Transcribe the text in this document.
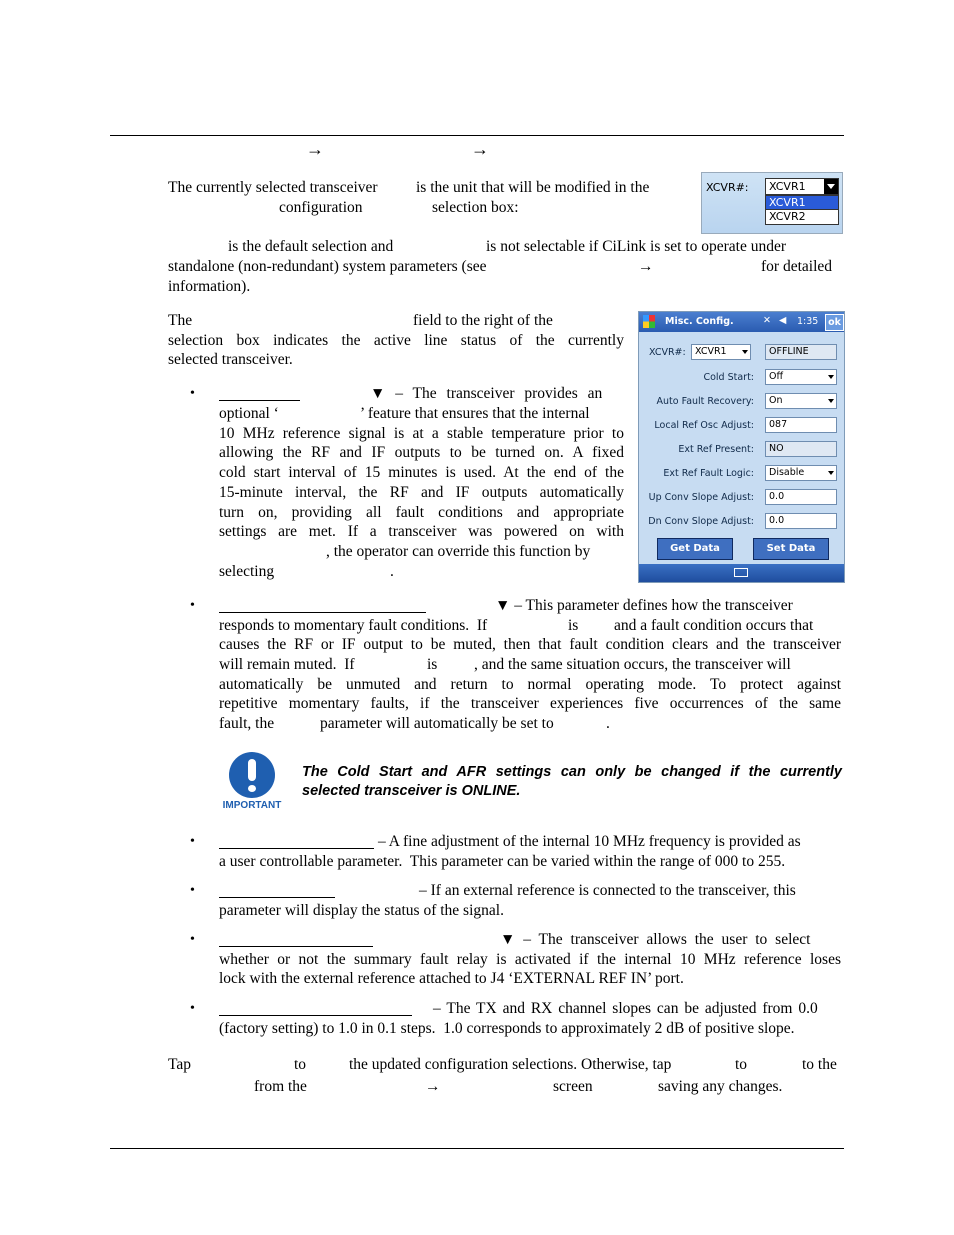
→	→
The currently selected transceiver is the unit that will be modified in the
configuration	selection box:
XCVR#: XCVR1
XCVR1
XCVR2
is the default selection and	is not selectable if CiLink is set to operate under
standalone (non-redundant) system parameters (see	→	for detailed
information).
The	field to the right of the
selection box indicates the active line status of the currently
selected transceiver.
Misc. Config.	✕ ◀ 1:35	ok
XCVR#: XCVR1	OFFLINE
Cold Start:	Off
Auto Fault Recovery:	On
Local Ref Osc Adjust:	087
Ext Ref Present:	NO
Ext Ref Fault Logic:	Disable
Up Conv Slope Adjust:	0.0
Dn Conv Slope Adjust:	0.0
Get Data	Set Data
•	▼ – The transceiver provides an
optional ‘	’ feature that ensures that the internal
10 MHz reference signal is at a stable temperature prior to
allowing the RF and IF outputs to be turned on. A fixed
cold start interval of 15 minutes is used. At the end of the
15-minute interval, the RF and IF outputs automatically
turn on, providing all fault conditions and appropriate
settings are met. If a transceiver was powered on with
, the operator can override this function by
selecting	.
•	▼ – This parameter defines how the transceiver
responds to momentary fault conditions.  If	is and a fault condition occurs that
causes the RF or IF output to be muted, then that fault condition clears and the transceiver
will remain muted.  If	is , and the same situation occurs, the transceiver will
automatically be unmuted and return to normal operating mode. To protect against
repetitive momentary faults, if the transceiver experiences five occurrences of the same
fault, the	parameter will automatically be set to	.
IMPORTANT
The Cold Start and AFR settings can only be changed if the currently
selected transceiver is ONLINE.
•	– A fine adjustment of the internal 10 MHz frequency is provided as
a user controllable parameter.  This parameter can be varied within the range of 000 to 255.
•	– If an external reference is connected to the transceiver, this
parameter will display the status of the signal.
•	▼ – The transceiver allows the user to select
whether or not the summary fault relay is activated if the internal 10 MHz reference loses
lock with the external reference attached to J4 ‘EXTERNAL REF IN’ port.
•	– The TX and RX channel slopes can be adjusted from 0.0
(factory setting) to 1.0 in 0.1 steps.  1.0 corresponds to approximately 2 dB of positive slope.
Tap	to	the updated configuration selections. Otherwise, tap	to	to the
from the	→	screen	saving any changes.
